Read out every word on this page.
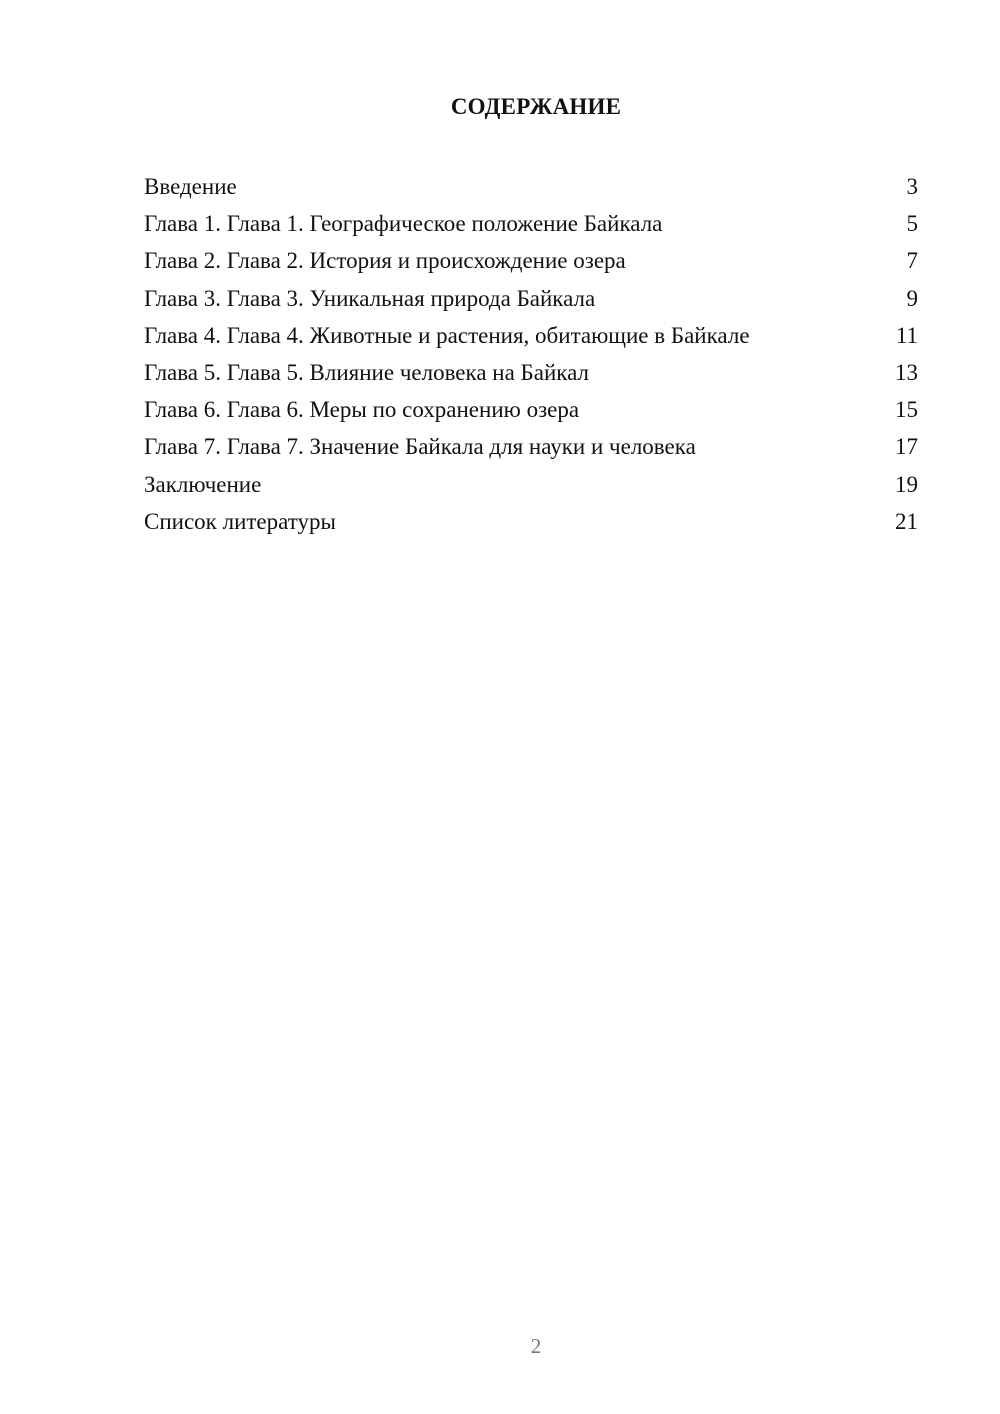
СОДЕРЖАНИЕ
Введение	3
Глава 1. Глава 1. Географическое положение Байкала	5
Глава 2. Глава 2. История и происхождение озера	7
Глава 3. Глава 3. Уникальная природа Байкала	9
Глава 4. Глава 4. Животные и растения, обитающие в Байкале	11
Глава 5. Глава 5. Влияние человека на Байкал	13
Глава 6. Глава 6. Меры по сохранению озера	15
Глава 7. Глава 7. Значение Байкала для науки и человека	17
Заключение	19
Список литературы	21
2
